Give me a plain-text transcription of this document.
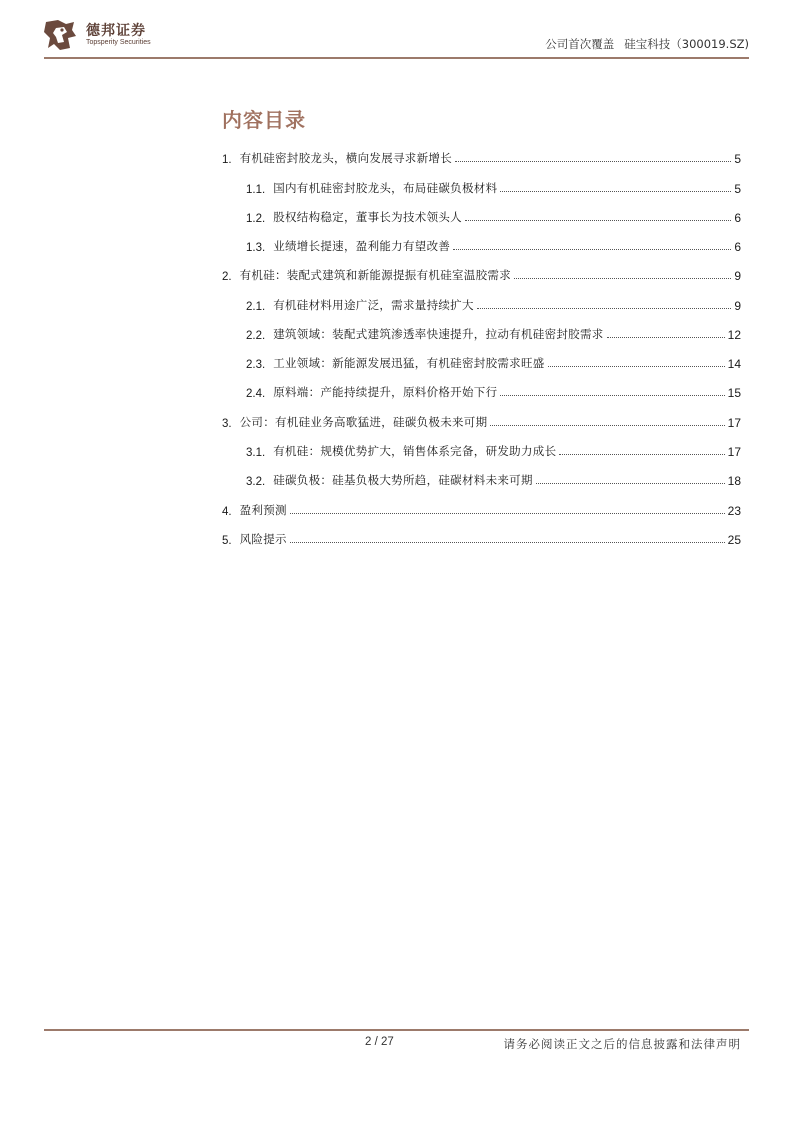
德邦证券
Topsperity Securities	公司首次覆盖 硅宝科技（300019.SZ)
内容目录
1. 有机硅密封胶龙头，横向发展寻求新增长	5
1.1. 国内有机硅密封胶龙头，布局硅碳负极材料	5
1.2. 股权结构稳定，董事长为技术领头人	6
1.3. 业绩增长提速，盈利能力有望改善	6
2. 有机硅：装配式建筑和新能源提振有机硅室温胶需求	9
2.1. 有机硅材料用途广泛，需求量持续扩大	9
2.2. 建筑领域：装配式建筑渗透率快速提升，拉动有机硅密封胶需求	12
2.3. 工业领域：新能源发展迅猛，有机硅密封胶需求旺盛	14
2.4. 原料端：产能持续提升，原料价格开始下行	15
3. 公司：有机硅业务高歌猛进，硅碳负极未来可期	17
3.1. 有机硅：规模优势扩大，销售体系完备，研发助力成长	17
3.2. 硅碳负极：硅基负极大势所趋，硅碳材料未来可期	18
4. 盈利预测	23
5. 风险提示	25
2 / 27	请务必阅读正文之后的信息披露和法律声明
